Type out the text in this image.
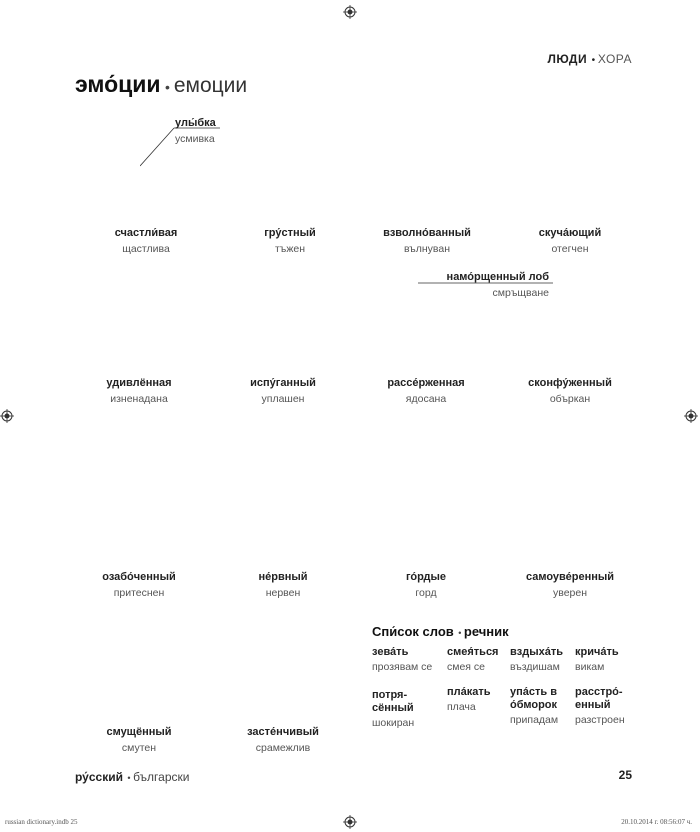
ЛЮДИ • ХОРА
эмо́ции • емоции
улы́бка
усмивка
намо́рщенный лоб
смръщване
счастли́вая
щастлива
гру́стный
тъжен
взволно́ванный
вълнуван
скуча́ющий
отегчен
удивлённая
изненадана
испу́ганный
уплашен
рассе́рженная
ядосана
сконфу́женный
объркан
озабо́ченный
притеснен
не́рвный
нервен
го́рдые
горд
самоуве́ренный
уверен
смущённый
смутен
засте́нчивый
срамежлив
Спи́сок слов • речник
зева́ть
прозявам се
смея́ться
смея се
вздыха́ть
въздишам
крича́ть
викам
потря-
сённый
шокиран
пла́кать
плача
упа́сть в
о́бморок
припадам
расстро́-
енный
разстроен
ру́сский • български	25
russian dictionary.indb 25	20.10.2014 г. 08:56:07 ч.
